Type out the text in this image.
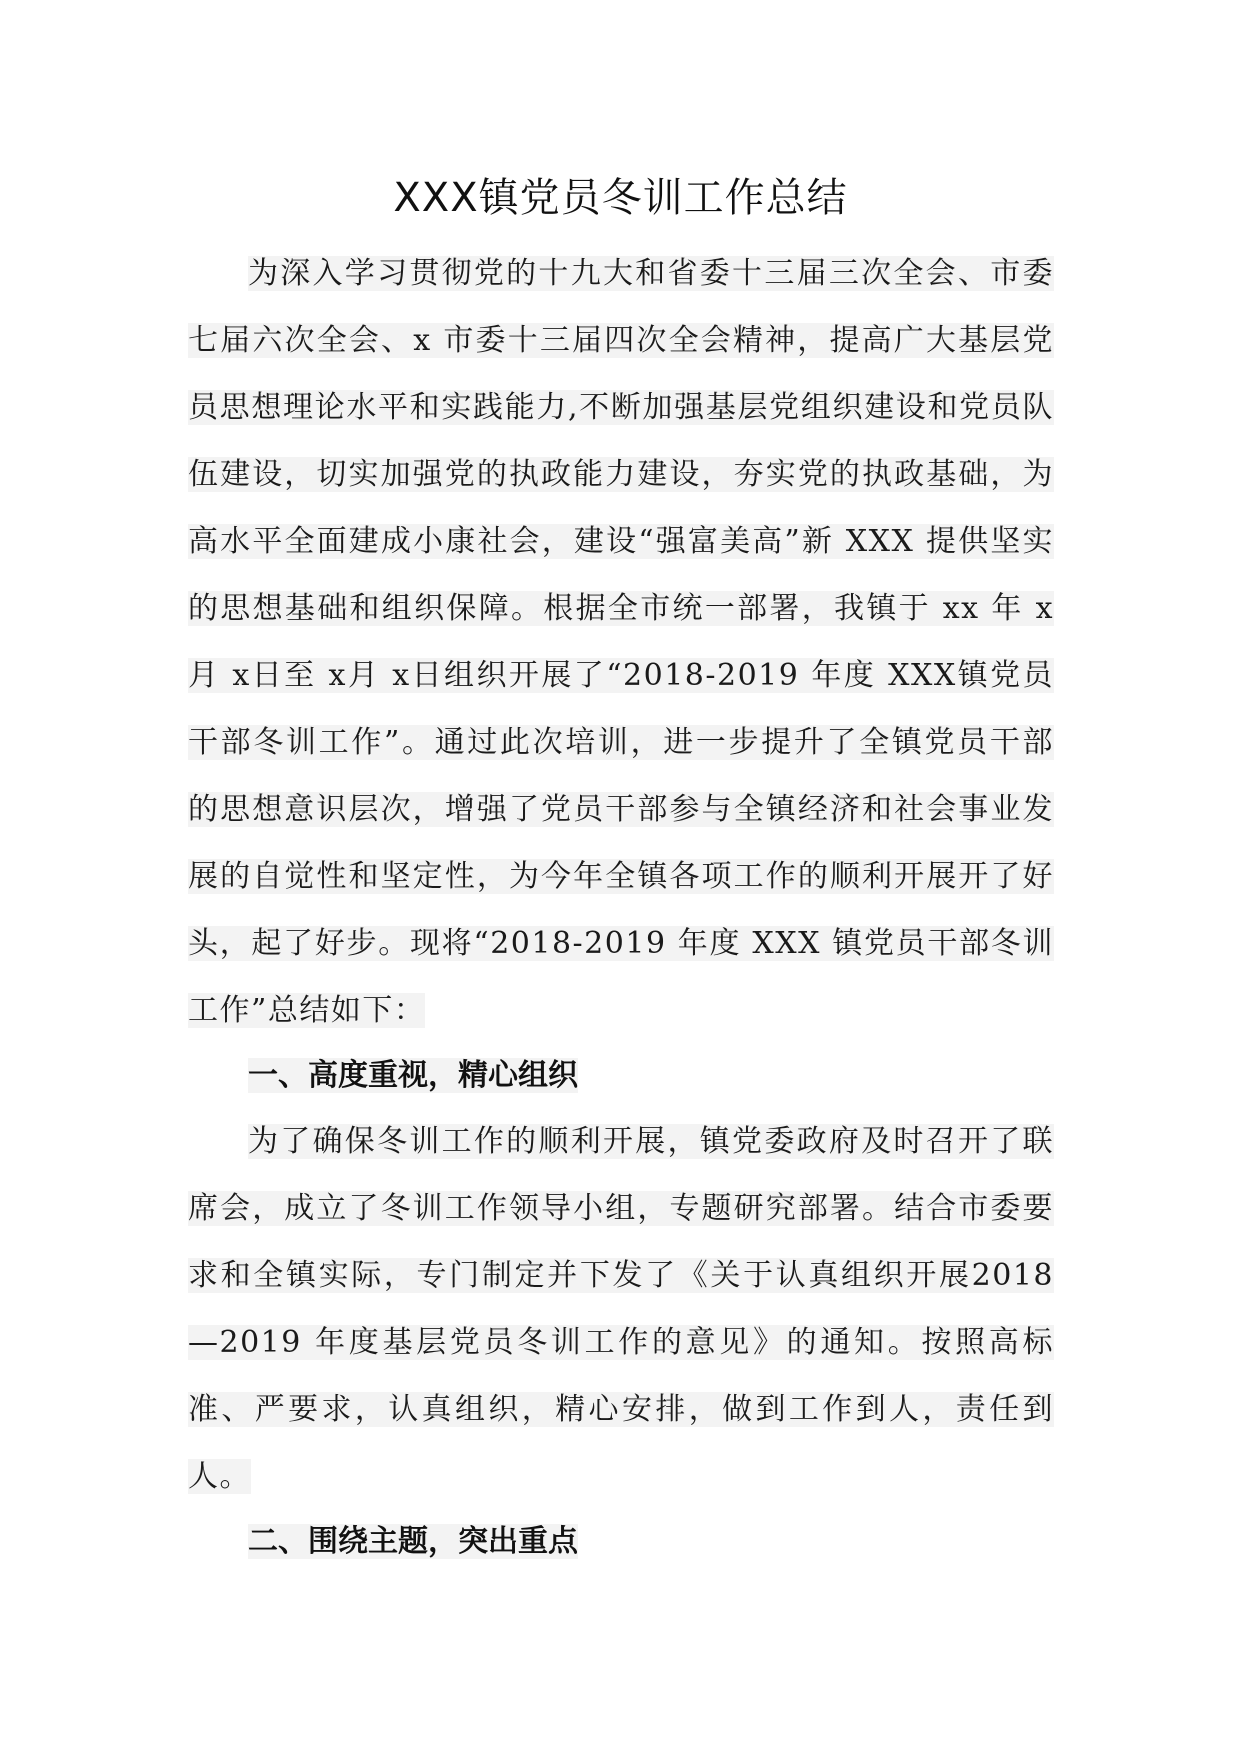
XXX镇党员冬训工作总结

为深入学习贯彻党的十九大和省委十三届三次全会、市委七届六次全会、x 市委十三届四次全会精神，提高广大基层党员思想理论水平和实践能力,不断加强基层党组织建设和党员队伍建设，切实加强党的执政能力建设，夯实党的执政基础，为高水平全面建成小康社会，建设“强富美高”新 XXX 提供坚实的思想基础和组织保障。根据全市统一部署，我镇于 xx 年 x月 x日至 x月 x日组织开展了“2018-2019 年度 XXX镇党员干部冬训工作”。通过此次培训，进一步提升了全镇党员干部的思想意识层次，增强了党员干部参与全镇经济和社会事业发展的自觉性和坚定性，为今年全镇各项工作的顺利开展开了好头，起了好步。现将“2018-2019 年度 XXX 镇党员干部冬训工作”总结如下：

一、高度重视，精心组织

为了确保冬训工作的顺利开展，镇党委政府及时召开了联席会，成立了冬训工作领导小组，专题研究部署。结合市委要求和全镇实际，专门制定并下发了《关于认真组织开展2018—2019 年度基层党员冬训工作的意见》的通知。按照高标准、严要求，认真组织，精心安排，做到工作到人，责任到人。

二、围绕主题，突出重点
